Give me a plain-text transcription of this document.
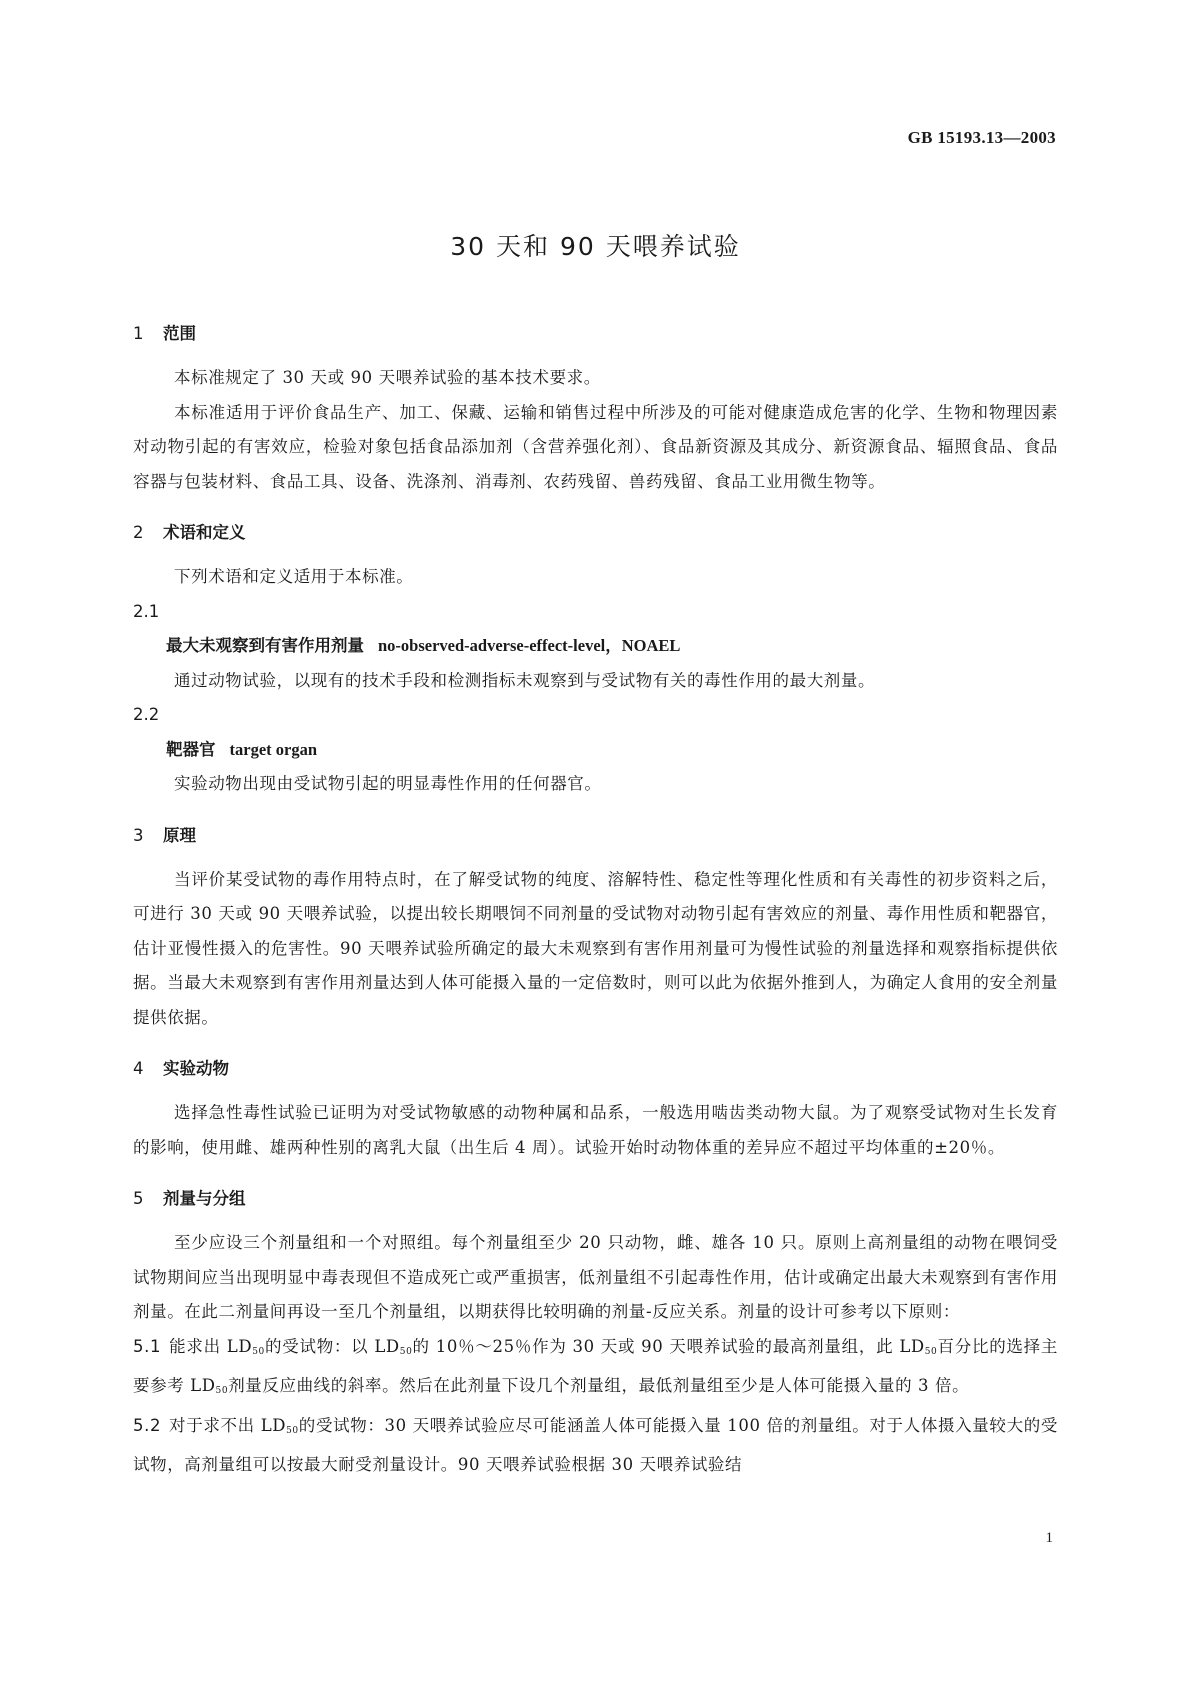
GB 15193.13—2003
30 天和 90 天喂养试验
1 范围

本标准规定了 30 天或 90 天喂养试验的基本技术要求。

本标准适用于评价食品生产、加工、保藏、运输和销售过程中所涉及的可能对健康造成危害的化学、生物和物理因素对动物引起的有害效应，检验对象包括食品添加剂（含营养强化剂）、食品新资源及其成分、新资源食品、辐照食品、食品容器与包装材料、食品工具、设备、洗涤剂、消毒剂、农药残留、兽药残留、食品工业用微生物等。

2 术语和定义

下列术语和定义适用于本标准。

2.1

最大未观察到有害作用剂量 no-observed-adverse-effect-level，NOAEL

通过动物试验，以现有的技术手段和检测指标未观察到与受试物有关的毒性作用的最大剂量。

2.2

靶器官 target organ

实验动物出现由受试物引起的明显毒性作用的任何器官。

3 原理

当评价某受试物的毒作用特点时，在了解受试物的纯度、溶解特性、稳定性等理化性质和有关毒性的初步资料之后，可进行 30 天或 90 天喂养试验，以提出较长期喂饲不同剂量的受试物对动物引起有害效应的剂量、毒作用性质和靶器官，估计亚慢性摄入的危害性。90 天喂养试验所确定的最大未观察到有害作用剂量可为慢性试验的剂量选择和观察指标提供依据。当最大未观察到有害作用剂量达到人体可能摄入量的一定倍数时，则可以此为依据外推到人，为确定人食用的安全剂量提供依据。

4 实验动物

选择急性毒性试验已证明为对受试物敏感的动物种属和品系，一般选用啮齿类动物大鼠。为了观察受试物对生长发育的影响，使用雌、雄两种性别的离乳大鼠（出生后 4 周）。试验开始时动物体重的差异应不超过平均体重的±20％。

5 剂量与分组

至少应设三个剂量组和一个对照组。每个剂量组至少 20 只动物，雌、雄各 10 只。原则上高剂量组的动物在喂饲受试物期间应当出现明显中毒表现但不造成死亡或严重损害，低剂量组不引起毒性作用，估计或确定出最大未观察到有害作用剂量。在此二剂量间再设一至几个剂量组，以期获得比较明确的剂量-反应关系。剂量的设计可参考以下原则：

5.1 能求出 $LD_{50}$的受试物：以 $LD_{50}$的 10％～25％作为 30 天或 90 天喂养试验的最高剂量组，此 $LD_{50}$百分比的选择主要参考 $LD_{50}$剂量反应曲线的斜率。然后在此剂量下设几个剂量组，最低剂量组至少是人体可能摄入量的 3 倍。

5.2 对于求不出 $LD_{50}$的受试物：30 天喂养试验应尽可能涵盖人体可能摄入量 100 倍的剂量组。对于人体摄入量较大的受试物，高剂量组可以按最大耐受剂量设计。90 天喂养试验根据 30 天喂养试验结

1
